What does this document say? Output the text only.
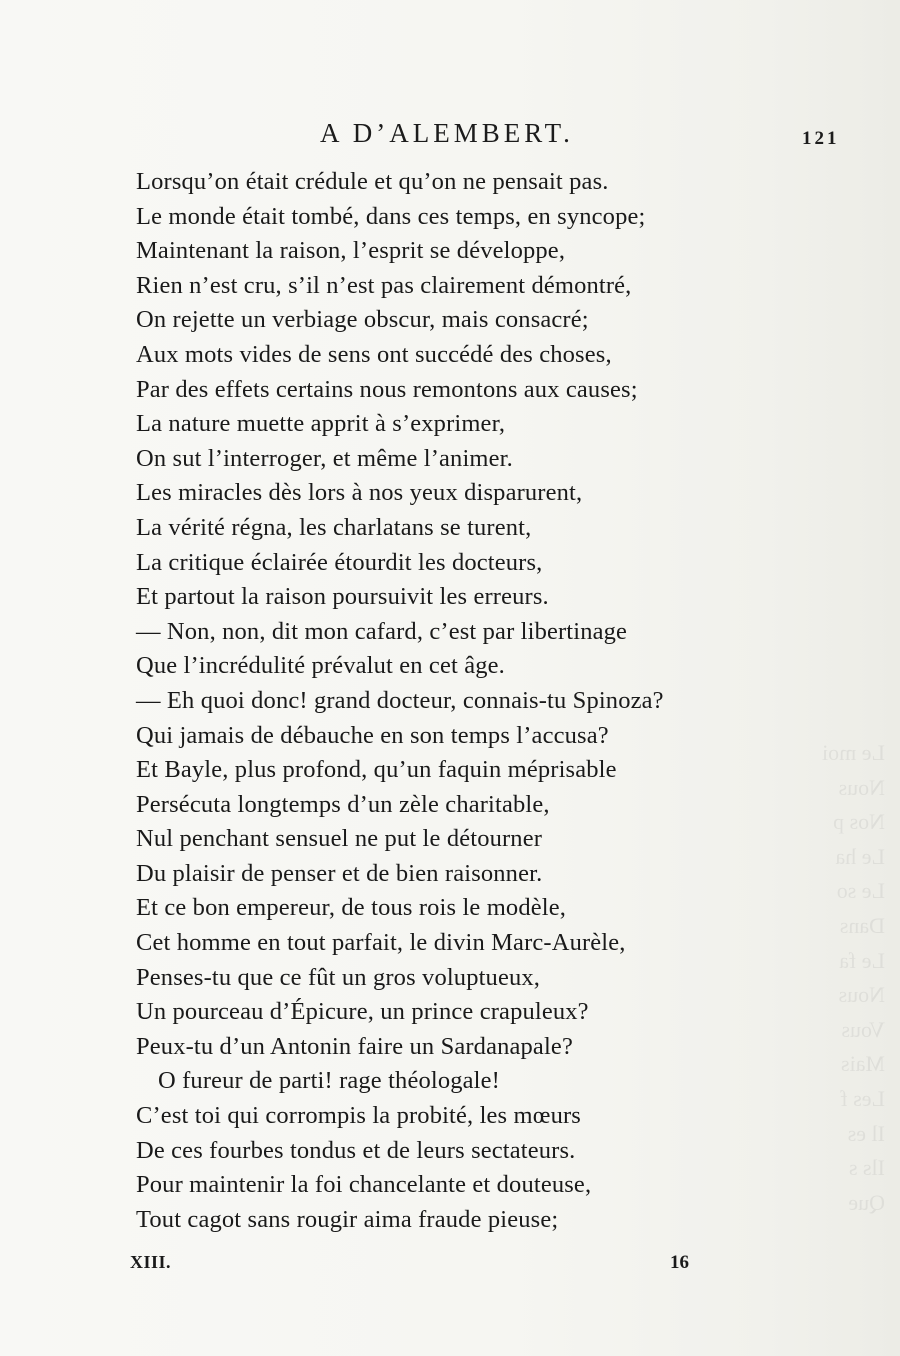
A D’ALEMBERT.	121
Lorsqu’on était crédule et qu’on ne pensait pas.
Le monde était tombé, dans ces temps, en syncope;
Maintenant la raison, l’esprit se développe,
Rien n’est cru, s’il n’est pas clairement démontré,
On rejette un verbiage obscur, mais consacré;
Aux mots vides de sens ont succédé des choses,
Par des effets certains nous remontons aux causes;
La nature muette apprit à s’exprimer,
On sut l’interroger, et même l’animer.
Les miracles dès lors à nos yeux disparurent,
La vérité régna, les charlatans se turent,
La critique éclairée étourdit les docteurs,
Et partout la raison poursuivit les erreurs.
— Non, non, dit mon cafard, c’est par libertinage
Que l’incrédulité prévalut en cet âge.
— Eh quoi donc! grand docteur, connais-tu Spinoza?
Qui jamais de débauche en son temps l’accusa?
Et Bayle, plus profond, qu’un faquin méprisable
Persécuta longtemps d’un zèle charitable,
Nul penchant sensuel ne put le détourner
Du plaisir de penser et de bien raisonner.
Et ce bon empereur, de tous rois le modèle,
Cet homme en tout parfait, le divin Marc-Aurèle,
Penses-tu que ce fût un gros voluptueux,
Un pourceau d’Épicure, un prince crapuleux?
Peux-tu d’un Antonin faire un Sardanapale?
O fureur de parti! rage théologale!
C’est toi qui corrompis la probité, les mœurs
De ces fourbes tondus et de leurs sectateurs.
Pour maintenir la foi chancelante et douteuse,
Tout cagot sans rougir aima fraude pieuse;
Le moi
Nous
Nos p
Le ha
Le so
Dans
Le fa
Nous
Vous
Mais
Les f
Il es
Ils s
Que
XIII.	16
